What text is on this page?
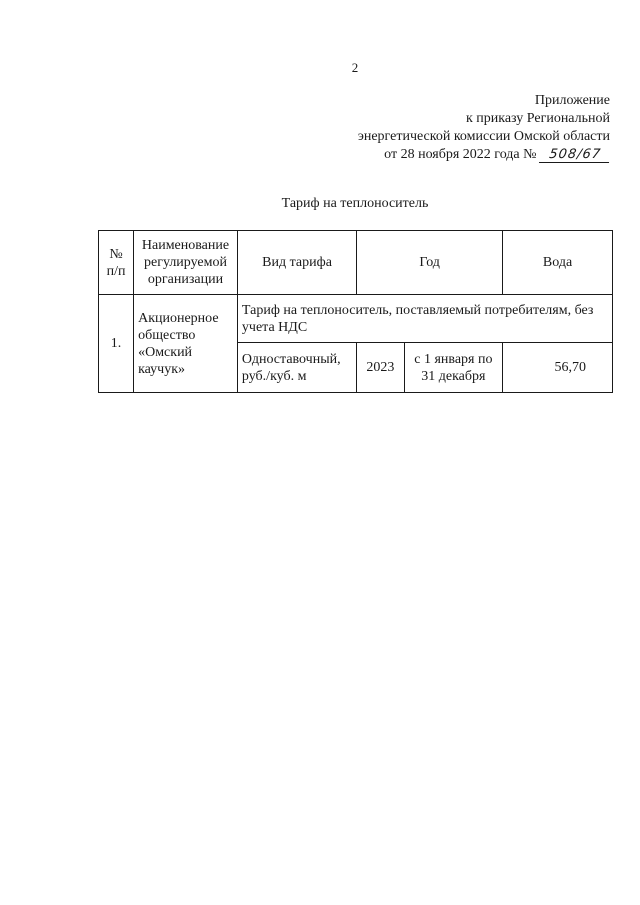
2
Приложение
к приказу Региональной
энергетической комиссии Омской области
от 28 ноября 2022 года № 508/67
Тариф на теплоноситель
№ п/п	Наименование регулируемой организации	Вид тарифа	Год		Вода
1.	Акционерное общество «Омский каучук»	Тариф на теплоноситель, поставляемый потребителям, без учета НДС			
		Одноставочный, руб./куб. м	2023	с 1 января по 31 декабря	56,70
